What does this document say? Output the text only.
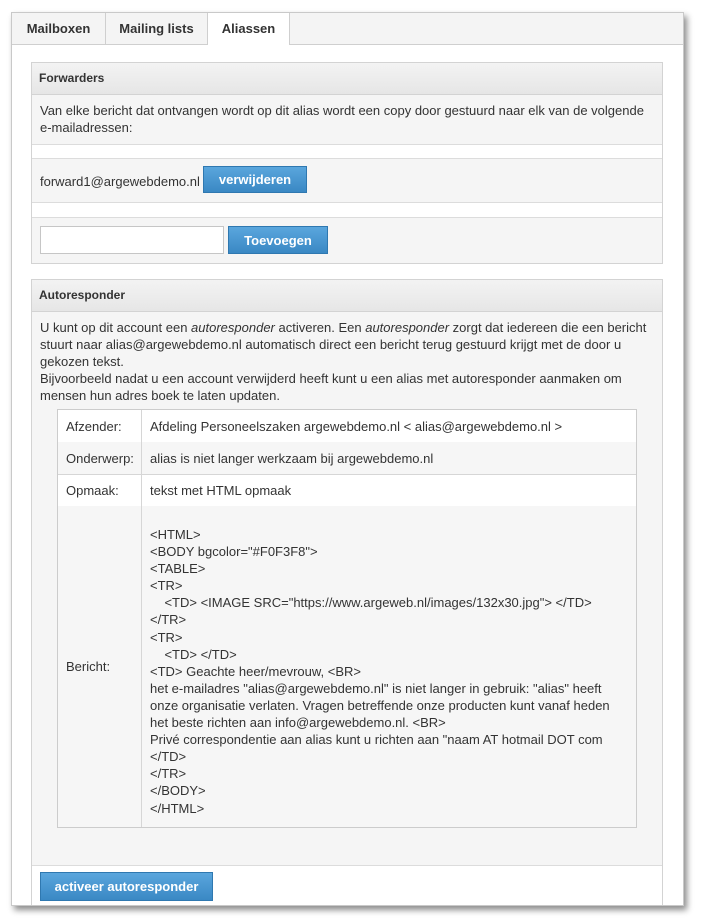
Mailboxen	Mailing lists	Aliassen
Forwarders
Van elke bericht dat ontvangen wordt op dit alias wordt een copy door gestuurd naar elk van de volgende e-mailadressen:
forward1@argewebdemo.nl	verwijderen
Toevoegen
Autoresponder
U kunt op dit account een autoresponder activeren. Een autoresponder zorgt dat iedereen die een bericht stuurt naar alias@argewebdemo.nl automatisch direct een bericht terug gestuurd krijgt met de door u gekozen tekst.
Bijvoorbeeld nadat u een account verwijderd heeft kunt u een alias met autoresponder aanmaken om mensen hun adres boek te laten updaten.
Afzender:	Afdeling Personeelszaken argewebdemo.nl < alias@argewebdemo.nl >
Onderwerp:	alias is niet langer werkzaam bij argewebdemo.nl
Opmaak:	tekst met HTML opmaak
Bericht:
<HTML>
<BODY bgcolor="#F0F3F8">
<TABLE>
<TR>
<TD> <IMAGE SRC="https://www.argeweb.nl/images/132x30.jpg"> </TD>
</TR>
<TR>
<TD> </TD>
<TD> Geachte heer/mevrouw, <BR>
het e-mailadres "alias@argewebdemo.nl" is niet langer in gebruik: "alias" heeft
onze organisatie verlaten. Vragen betreffende onze producten kunt vanaf heden
het beste richten aan info@argewebdemo.nl. <BR>
Privé correspondentie aan alias kunt u richten aan "naam AT hotmail DOT com
</TD>
</TR>
</BODY>
</HTML>
activeer autoresponder
